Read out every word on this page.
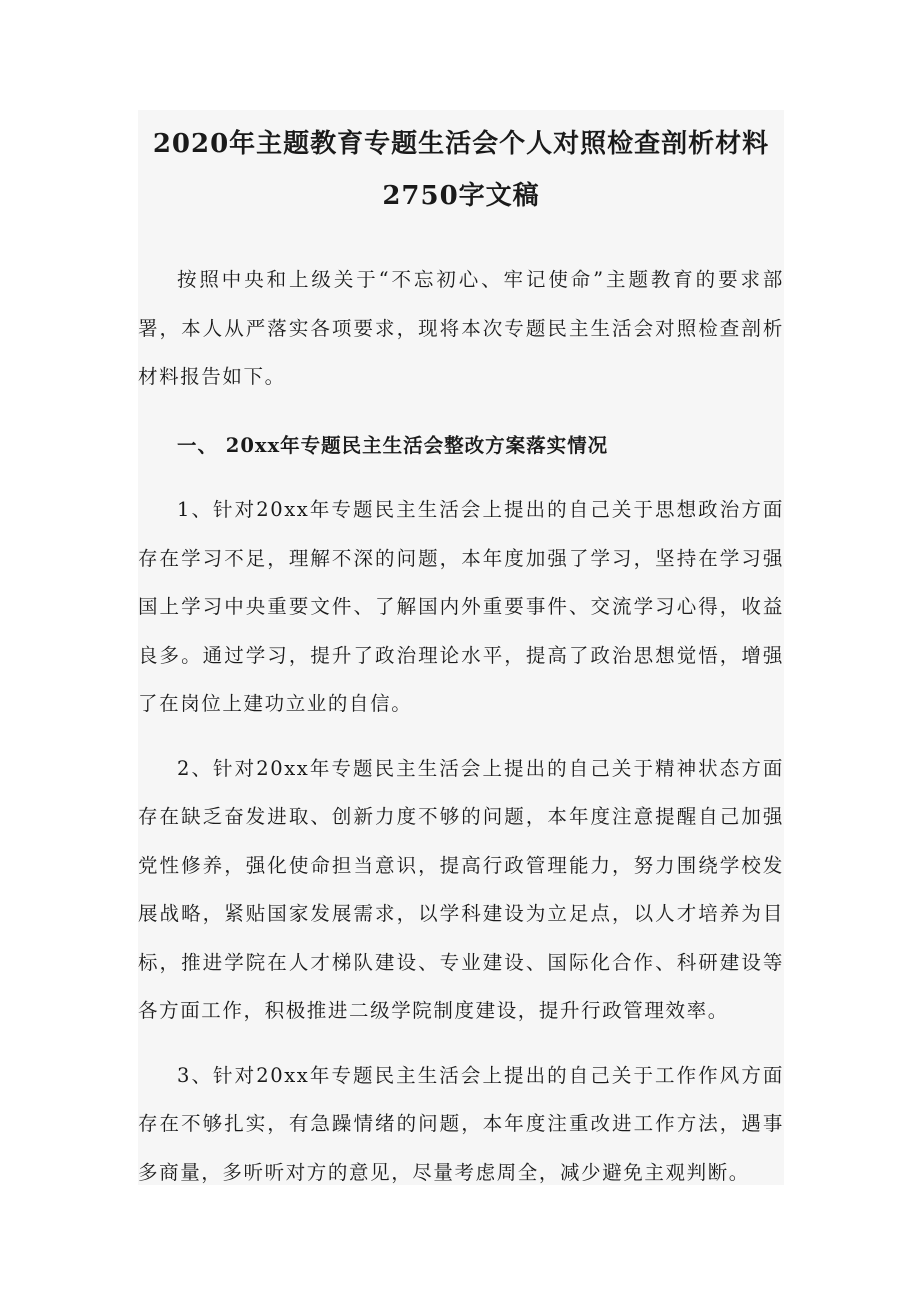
2020年主题教育专题生活会个人对照检查剖析材料
2750字文稿

按照中央和上级关于“不忘初心、牢记使命”主题教育的要求部署，本人从严落实各项要求，现将本次专题民主生活会对照检查剖析材料报告如下。

一、 20xx年专题民主生活会整改方案落实情况

1、针对20xx年专题民主生活会上提出的自己关于思想政治方面存在学习不足，理解不深的问题，本年度加强了学习，坚持在学习强国上学习中央重要文件、了解国内外重要事件、交流学习心得，收益良多。通过学习，提升了政治理论水平，提高了政治思想觉悟，增强了在岗位上建功立业的自信。

2、针对20xx年专题民主生活会上提出的自己关于精神状态方面存在缺乏奋发进取、创新力度不够的问题，本年度注意提醒自己加强党性修养，强化使命担当意识，提高行政管理能力，努力围绕学校发展战略，紧贴国家发展需求，以学科建设为立足点，以人才培养为目标，推进学院在人才梯队建设、专业建设、国际化合作、科研建设等各方面工作，积极推进二级学院制度建设，提升行政管理效率。

3、针对20xx年专题民主生活会上提出的自己关于工作作风方面存在不够扎实，有急躁情绪的问题，本年度注重改进工作方法，遇事多商量，多听听对方的意见，尽量考虑周全，减少避免主观判断。
